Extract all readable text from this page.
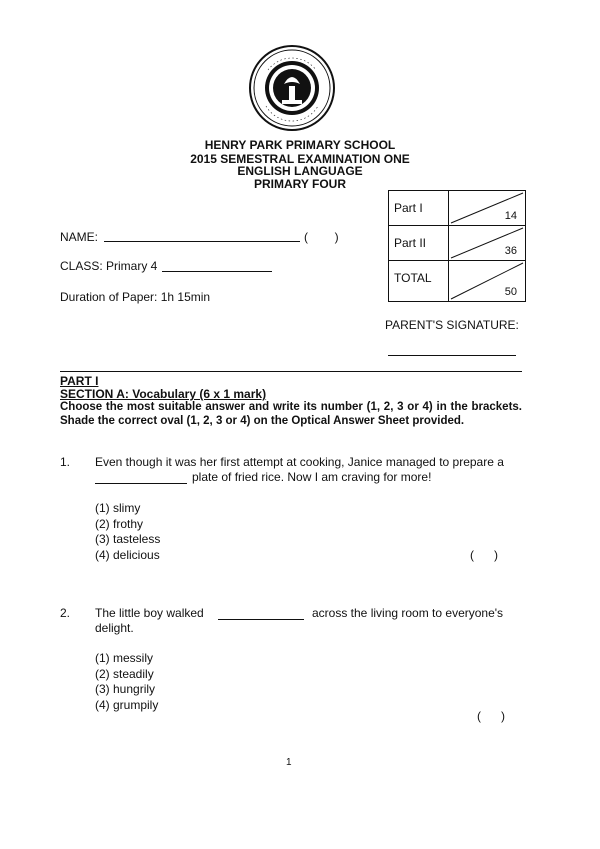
HENRY PARK PRIMARY SCHOOL
2015 SEMESTRAL EXAMINATION ONE
ENGLISH LANGUAGE
PRIMARY FOUR
NAME:	(        )
CLASS: Primary 4
Duration of Paper: 1h 15min
Part I	14

Part II	36

TOTAL	50
PARENT'S SIGNATURE:
PART I
SECTION A: Vocabulary (6 x 1 mark)
Choose the most suitable answer and write its number (1, 2, 3 or 4) in the brackets. Shade the correct oval (1, 2, 3 or 4) on the Optical Answer Sheet provided.
1. Even though it was her first attempt at cooking, Janice managed to prepare a
plate of fried rice. Now I am craving for more!
(1) slimy
(2) frothy
(3) tasteless
(4) delicious	(      )
2. The little boy walked	across the living room to everyone's
delight.
(1) messily
(2) steadily
(3) hungrily
(4) grumpily
(      )
1
